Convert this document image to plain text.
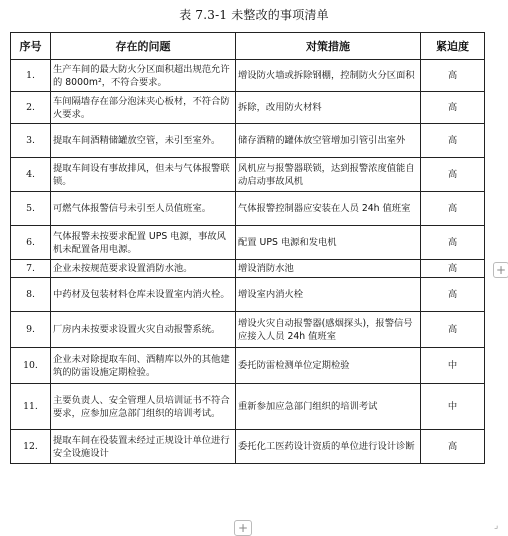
表 7.3-1 未整改的事项清单
序号	存在的问题	对策措施	紧迫度
1.	生产车间的最大防火分区面积超出规范允许的 8000m²，不符合要求。	增设防火墙或拆除钢棚，控制防火分区面积	高
2.	车间隔墙存在部分泡沫夹心板材，不符合防火要求。	拆除，改用防火材料	高
3.	提取车间酒精储罐放空管，未引至室外。	储存酒精的罐体放空管增加引管引出室外	高
4.	提取车间设有事故排风，但未与气体报警联锁。	风机应与报警器联锁，达到报警浓度值能自动启动事故风机	高
5.	可燃气体报警信号未引至人员值班室。	气体报警控制器应安装在人员 24h 值班室	高
6.	气体报警未按要求配置 UPS 电源，事故风机未配置备用电源。	配置 UPS 电源和发电机	高
7.	企业未按规范要求设置消防水池。	增设消防水池	高
8.	中药材及包装材料仓库未设置室内消火栓。	增设室内消火栓	高
9.	厂房内未按要求设置火灾自动报警系统。	增设火灾自动报警器(感烟探头)，报警信号应接入人员 24h 值班室	高
10.	企业未对除提取车间、酒精库以外的其他建筑的防雷设施定期检验。	委托防雷检测单位定期检验	中
11.	主要负责人、安全管理人员培训证书不符合要求，应参加应急部门组织的培训考试。	重新参加应急部门组织的培训考试	中
12.	提取车间在役装置未经过正规设计单位进行安全设施设计	委托化工医药设计资质的单位进行设计诊断	高
+
+	⌟
